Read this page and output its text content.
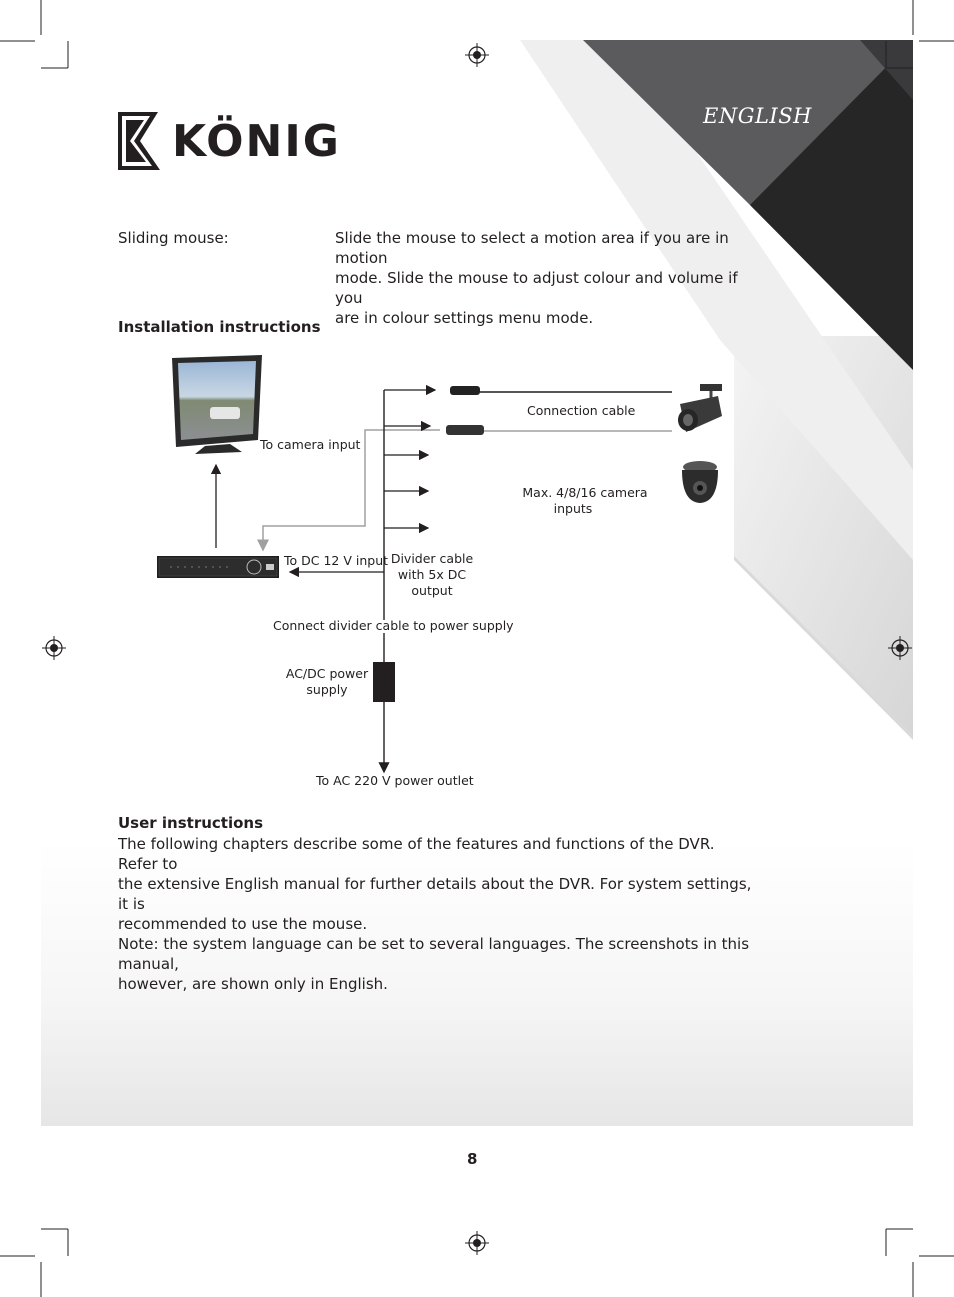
ENGLISH
KÖNIG
Sliding mouse:	Slide the mouse to select a motion area if you are in motion
mode. Slide the mouse to adjust colour and volume if you
are in colour settings menu mode.
Installation instructions
To camera input
Connection cable
Max. 4/8/16 camera
inputs
To DC 12 V input Divider cable
with 5x DC
output
Connect divider cable to power supply
AC/DC power
supply
To AC 220 V power outlet
User instructions
The following chapters describe some of the features and functions of the DVR. Refer to
the extensive English manual for further details about the DVR. For system settings, it is
recommended to use the mouse.
Note: the system language can be set to several languages. The screenshots in this manual,
however, are shown only in English.
8
